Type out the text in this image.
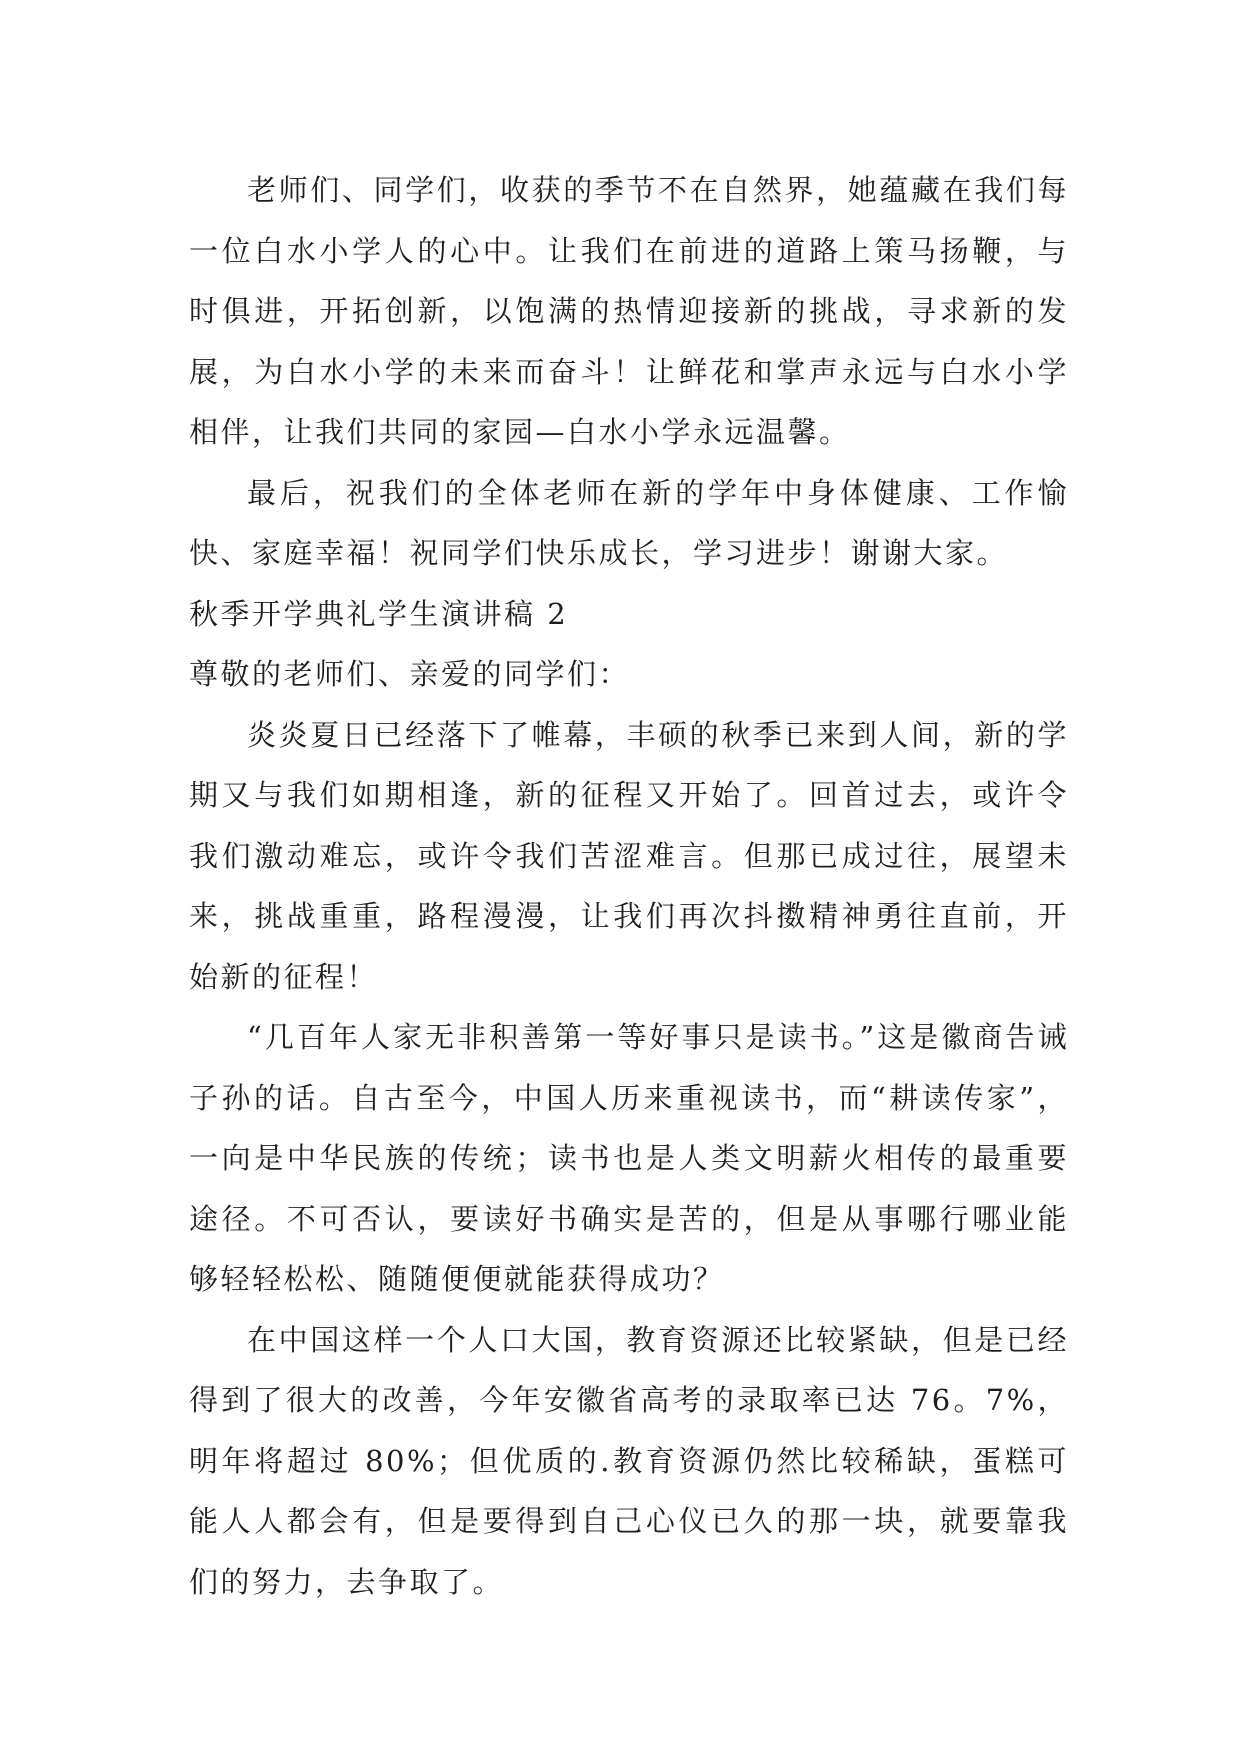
老师们、同学们，收获的季节不在自然界，她蕴藏在我们每一位白水小学人的心中。让我们在前进的道路上策马扬鞭，与时俱进，开拓创新，以饱满的热情迎接新的挑战，寻求新的发展，为白水小学的未来而奋斗！让鲜花和掌声永远与白水小学相伴，让我们共同的家园—白水小学永远温馨。

最后，祝我们的全体老师在新的学年中身体健康、工作愉快、家庭幸福！祝同学们快乐成长，学习进步！谢谢大家。

秋季开学典礼学生演讲稿 2

尊敬的老师们、亲爱的同学们：

炎炎夏日已经落下了帷幕，丰硕的秋季已来到人间，新的学期又与我们如期相逢，新的征程又开始了。回首过去，或许令我们激动难忘，或许令我们苦涩难言。但那已成过往，展望未来，挑战重重，路程漫漫，让我们再次抖擞精神勇往直前，开始新的征程！

“几百年人家无非积善第一等好事只是读书。”这是徽商告诫子孙的话。自古至今，中国人历来重视读书，而“耕读传家”，一向是中华民族的传统；读书也是人类文明薪火相传的最重要途径。不可否认，要读好书确实是苦的，但是从事哪行哪业能够轻轻松松、随随便便就能获得成功？

在中国这样一个人口大国，教育资源还比较紧缺，但是已经得到了很大的改善，今年安徽省高考的录取率已达 76。7%，明年将超过 80%；但优质的.教育资源仍然比较稀缺，蛋糕可能人人都会有，但是要得到自己心仪已久的那一块，就要靠我们的努力，去争取了。
